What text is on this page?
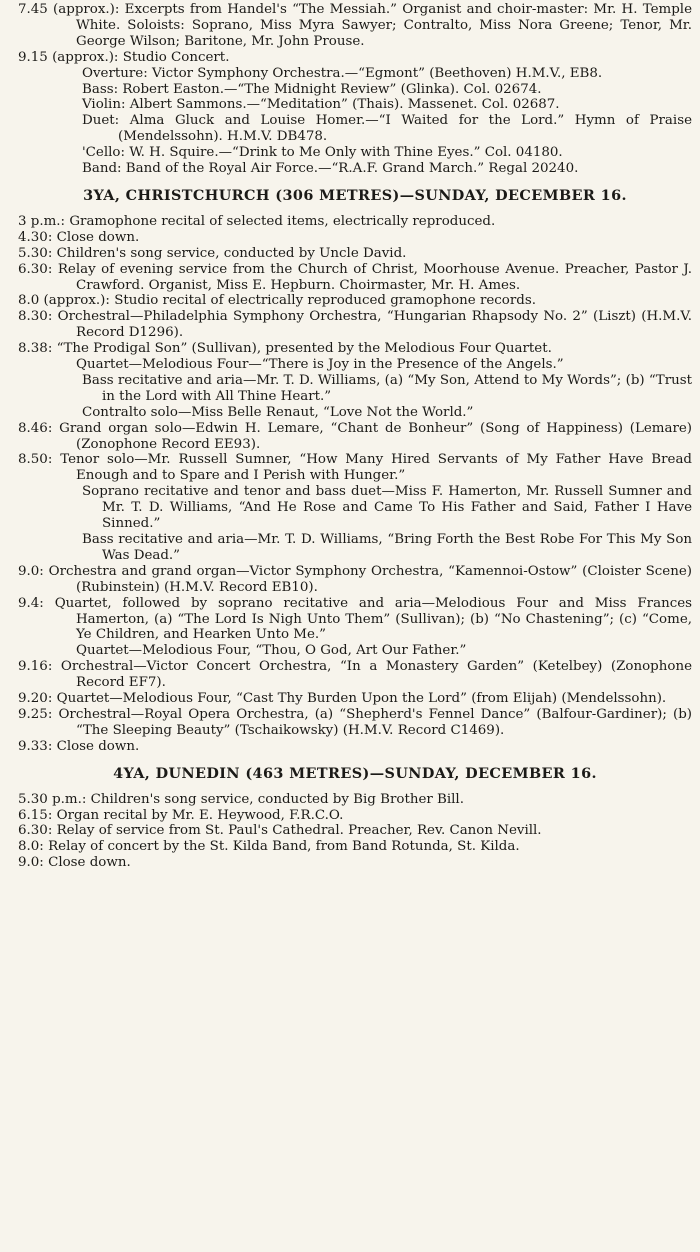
7.45 (approx.): Excerpts from Handel's “The Messiah.” Organist and choir-master: Mr. H. Temple White. Soloists: Soprano, Miss Myra Sawyer; Contralto, Miss Nora Greene; Tenor, Mr. George Wilson; Baritone, Mr. John Prouse.
9.15 (approx.): Studio Concert.
Overture: Victor Symphony Orchestra.—“Egmont” (Beethoven) H.M.V., EB8.
Bass: Robert Easton.—“The Midnight Review” (Glinka). Col. 02674.
Violin: Albert Sammons.—“Meditation” (Thais). Massenet. Col. 02687.
Duet: Alma Gluck and Louise Homer.—“I Waited for the Lord.” Hymn of Praise (Mendelssohn). H.M.V. DB478.
'Cello: W. H. Squire.—“Drink to Me Only with Thine Eyes.” Col. 04180.
Band: Band of the Royal Air Force.—“R.A.F. Grand March.” Regal 20240.
3YA, CHRISTCHURCH (306 METRES)—SUNDAY, DECEMBER 16.
3 p.m.: Gramophone recital of selected items, electrically reproduced.
4.30: Close down.
5.30: Children's song service, conducted by Uncle David.
6.30: Relay of evening service from the Church of Christ, Moorhouse Avenue. Preacher, Pastor J. Crawford. Organist, Miss E. Hepburn. Choirmaster, Mr. H. Ames.
8.0 (approx.): Studio recital of electrically reproduced gramophone records.
8.30: Orchestral—Philadelphia Symphony Orchestra, “Hungarian Rhapsody No. 2” (Liszt) (H.M.V. Record D1296).
8.38: “The Prodigal Son” (Sullivan), presented by the Melodious Four Quartet.
Quartet—Melodious Four—“There is Joy in the Presence of the Angels.”
Bass recitative and aria—Mr. T. D. Williams, (a) “My Son, Attend to My Words”; (b) “Trust in the Lord with All Thine Heart.”
Contralto solo—Miss Belle Renaut, “Love Not the World.”
8.46: Grand organ solo—Edwin H. Lemare, “Chant de Bonheur” (Song of Happiness) (Lemare) (Zonophone Record EE93).
8.50: Tenor solo—Mr. Russell Sumner, “How Many Hired Servants of My Father Have Bread Enough and to Spare and I Perish with Hunger.”
Soprano recitative and tenor and bass duet—Miss F. Hamerton, Mr. Russell Sumner and Mr. T. D. Williams, “And He Rose and Came To His Father and Said, Father I Have Sinned.”
Bass recitative and aria—Mr. T. D. Williams, “Bring Forth the Best Robe For This My Son Was Dead.”
9.0: Orchestra and grand organ—Victor Symphony Orchestra, “Kamennoi-Ostow” (Cloister Scene) (Rubinstein) (H.M.V. Record EB10).
9.4: Quartet, followed by soprano recitative and aria—Melodious Four and Miss Frances Hamerton, (a) “The Lord Is Nigh Unto Them” (Sullivan); (b) “No Chastening”; (c) “Come, Ye Children, and Hearken Unto Me.”
Quartet—Melodious Four, “Thou, O God, Art Our Father.”
9.16: Orchestral—Victor Concert Orchestra, “In a Monastery Garden” (Ketelbey) (Zonophone Record EF7).
9.20: Quartet—Melodious Four, “Cast Thy Burden Upon the Lord” (from Elijah) (Mendelssohn).
9.25: Orchestral—Royal Opera Orchestra, (a) “Shepherd's Fennel Dance” (Balfour-Gardiner); (b) “The Sleeping Beauty” (Tschaikowsky) (H.M.V. Record C1469).
9.33: Close down.
4YA, DUNEDIN (463 METRES)—SUNDAY, DECEMBER 16.
5.30 p.m.: Children's song service, conducted by Big Brother Bill.
6.15: Organ recital by Mr. E. Heywood, F.R.C.O.
6.30: Relay of service from St. Paul's Cathedral. Preacher, Rev. Canon Nevill.
8.0: Relay of concert by the St. Kilda Band, from Band Rotunda, St. Kilda.
9.0: Close down.
